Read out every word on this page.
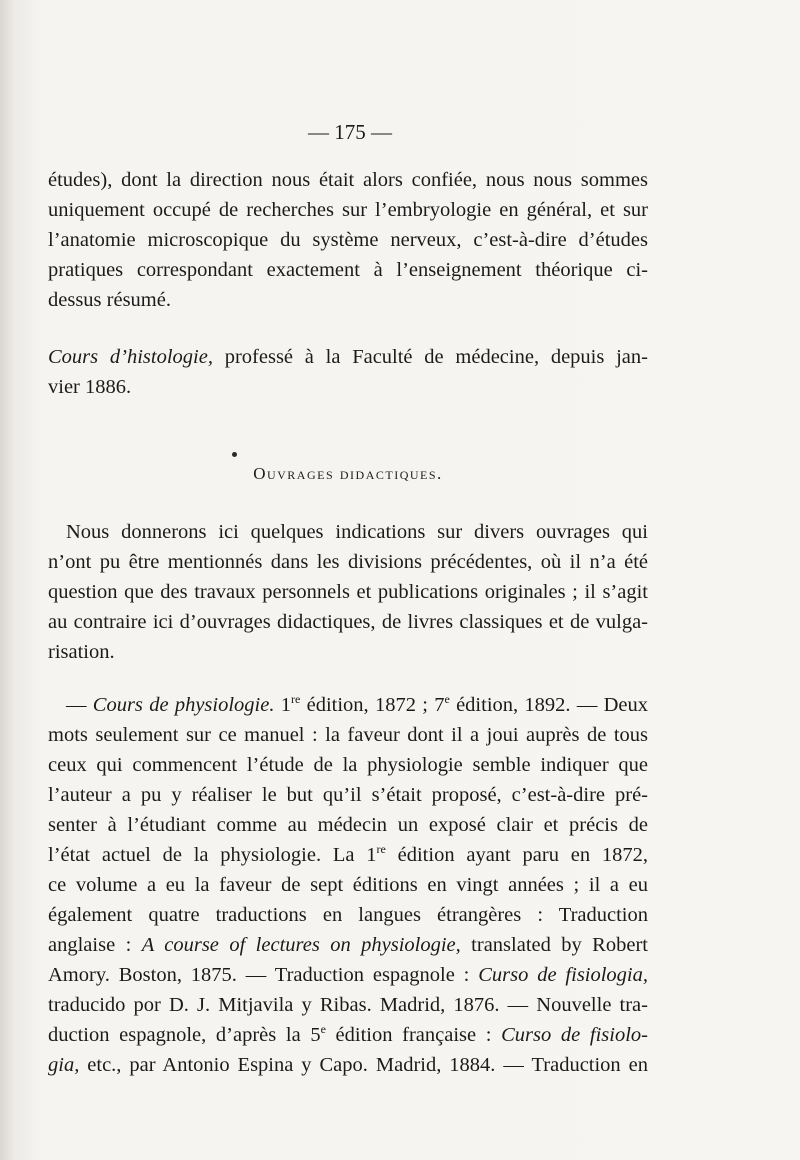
— 175 —
études), dont la direction nous était alors confiée, nous nous sommes
uniquement occupé de recherches sur l’embryologie en général, et sur
l’anatomie microscopique du système nerveux, c’est-à-dire d’études
pratiques correspondant exactement à l’enseignement théorique ci-
dessus résumé.
Cours d’histologie, professé à la Faculté de médecine, depuis jan-
vier 1886.
Ouvrages didactiques.
Nous donnerons ici quelques indications sur divers ouvrages qui
n’ont pu être mentionnés dans les divisions précédentes, où il n’a été
question que des travaux personnels et publications originales ; il s’agit
au contraire ici d’ouvrages didactiques, de livres classiques et de vulga-
risation.
— Cours de physiologie. 1re édition, 1872 ; 7e édition, 1892. — Deux
mots seulement sur ce manuel : la faveur dont il a joui auprès de tous
ceux qui commencent l’étude de la physiologie semble indiquer que
l’auteur a pu y réaliser le but qu’il s’était proposé, c’est-à-dire pré-
senter à l’étudiant comme au médecin un exposé clair et précis de
l’état actuel de la physiologie. La 1re édition ayant paru en 1872,
ce volume a eu la faveur de sept éditions en vingt années ; il a eu
également quatre traductions en langues étrangères : Traduction
anglaise : A course of lectures on physiologie, translated by Robert
Amory. Boston, 1875. — Traduction espagnole : Curso de fisiologia,
traducido por D. J. Mitjavila y Ribas. Madrid, 1876. — Nouvelle tra-
duction espagnole, d’après la 5e édition française : Curso de fisiolo-
gia, etc., par Antonio Espina y Capo. Madrid, 1884. — Traduction en
